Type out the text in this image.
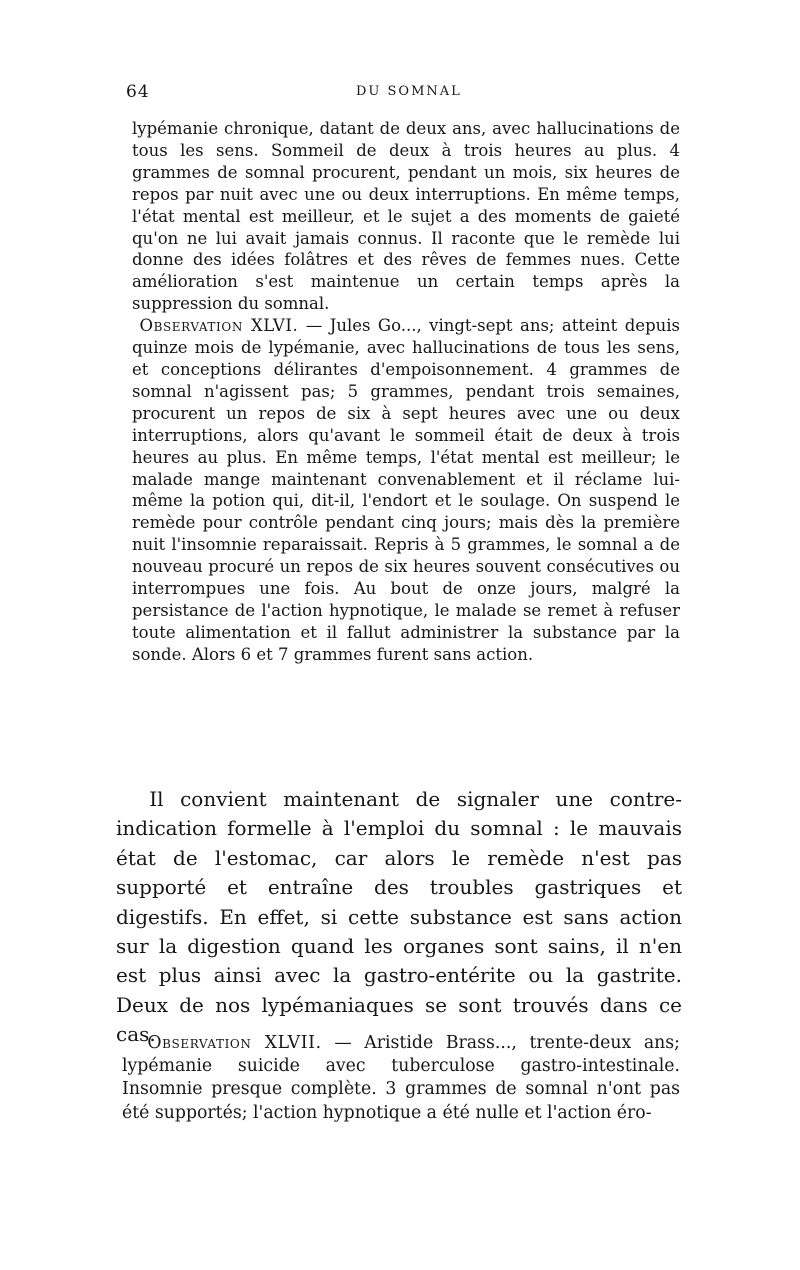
64	DU SOMNAL

lypémanie chronique, datant de deux ans, avec hallucinations de tous les sens. Sommeil de deux à trois heures au plus. 4 grammes de somnal procurent, pendant un mois, six heures de repos par nuit avec une ou deux interruptions. En même temps, l'état mental est meilleur, et le sujet a des moments de gaieté qu'on ne lui avait jamais connus. Il raconte que le remède lui donne des idées folâtres et des rêves de femmes nues. Cette amélioration s'est maintenue un certain temps après la suppression du somnal.

Observation XLVI. — Jules Go..., vingt-sept ans; atteint depuis quinze mois de lypémanie, avec hallucinations de tous les sens, et conceptions délirantes d'empoisonnement. 4 grammes de somnal n'agissent pas; 5 grammes, pendant trois semaines, procurent un repos de six à sept heures avec une ou deux interruptions, alors qu'avant le sommeil était de deux à trois heures au plus. En même temps, l'état mental est meilleur; le malade mange maintenant convenablement et il réclame lui-même la potion qui, dit-il, l'endort et le soulage. On suspend le remède pour contrôle pendant cinq jours; mais dès la première nuit l'insomnie reparaissait. Repris à 5 grammes, le somnal a de nouveau procuré un repos de six heures souvent consécutives ou interrompues une fois. Au bout de onze jours, malgré la persistance de l'action hypnotique, le malade se remet à refuser toute alimentation et il fallut administrer la substance par la sonde. Alors 6 et 7 grammes furent sans action.

Il convient maintenant de signaler une contre-indication formelle à l'emploi du somnal : le mauvais état de l'estomac, car alors le remède n'est pas supporté et entraîne des troubles gastriques et digestifs. En effet, si cette substance est sans action sur la digestion quand les organes sont sains, il n'en est plus ainsi avec la gastro-entérite ou la gastrite. Deux de nos lypémaniaques se sont trouvés dans ce cas.

Observation XLVII. — Aristide Brass..., trente-deux ans; lypémanie suicide avec tuberculose gastro-intestinale. Insomnie presque complète. 3 grammes de somnal n'ont pas été supportés; l'action hypnotique a été nulle et l'action éro-
